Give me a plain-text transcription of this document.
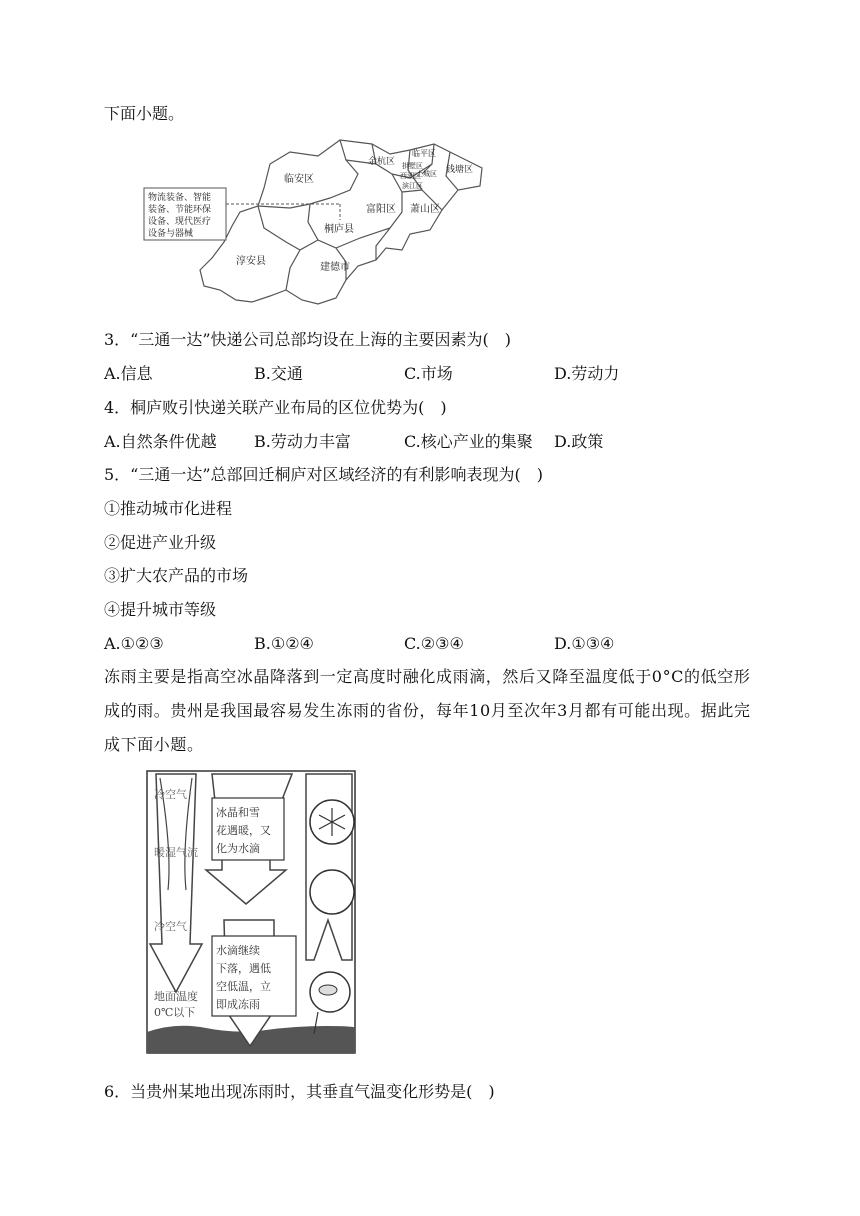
下面小题。
物流装备、智能
装备、节能环保
设备、现代医疗
设备与器械
临安区
余杭区
临平区
拱墅区
西湖区
上城区
滨江区
钱塘区
富阳区 萧山区
桐庐县
淳安县
建德市
3．“三通一达”快递公司总部均设在上海的主要因素为(　)
A.信息	B.交通	C.市场	D.劳动力
4．桐庐败引快递关联产业布局的区位优势为(　)
A.自然条件优越 B.劳动力丰富	C.核心产业的集聚 D.政策
5．“三通一达”总部回迁桐庐对区域经济的有利影响表现为(　)
①推动城市化进程
②促进产业升级
③扩大农产品的市场
④提升城市等级
A.①②③	B.①②④	C.②③④	D.①③④
冻雨主要是指高空冰晶降落到一定高度时融化成雨滴，然后又降至温度低于0°C的低空形成的雨。贵州是我国最容易发生冻雨的省份，每年10月至次年3月都有可能出现。据此完成下面小题。
冷空气
暖湿气流
冷空气
地面温度
0℃以下
冰晶和雪
花遇暖，又
化为水滴
水滴继续
下落，遇低
空低温，立
即成冻雨
6．当贵州某地出现冻雨时，其垂直气温变化形势是(　)
